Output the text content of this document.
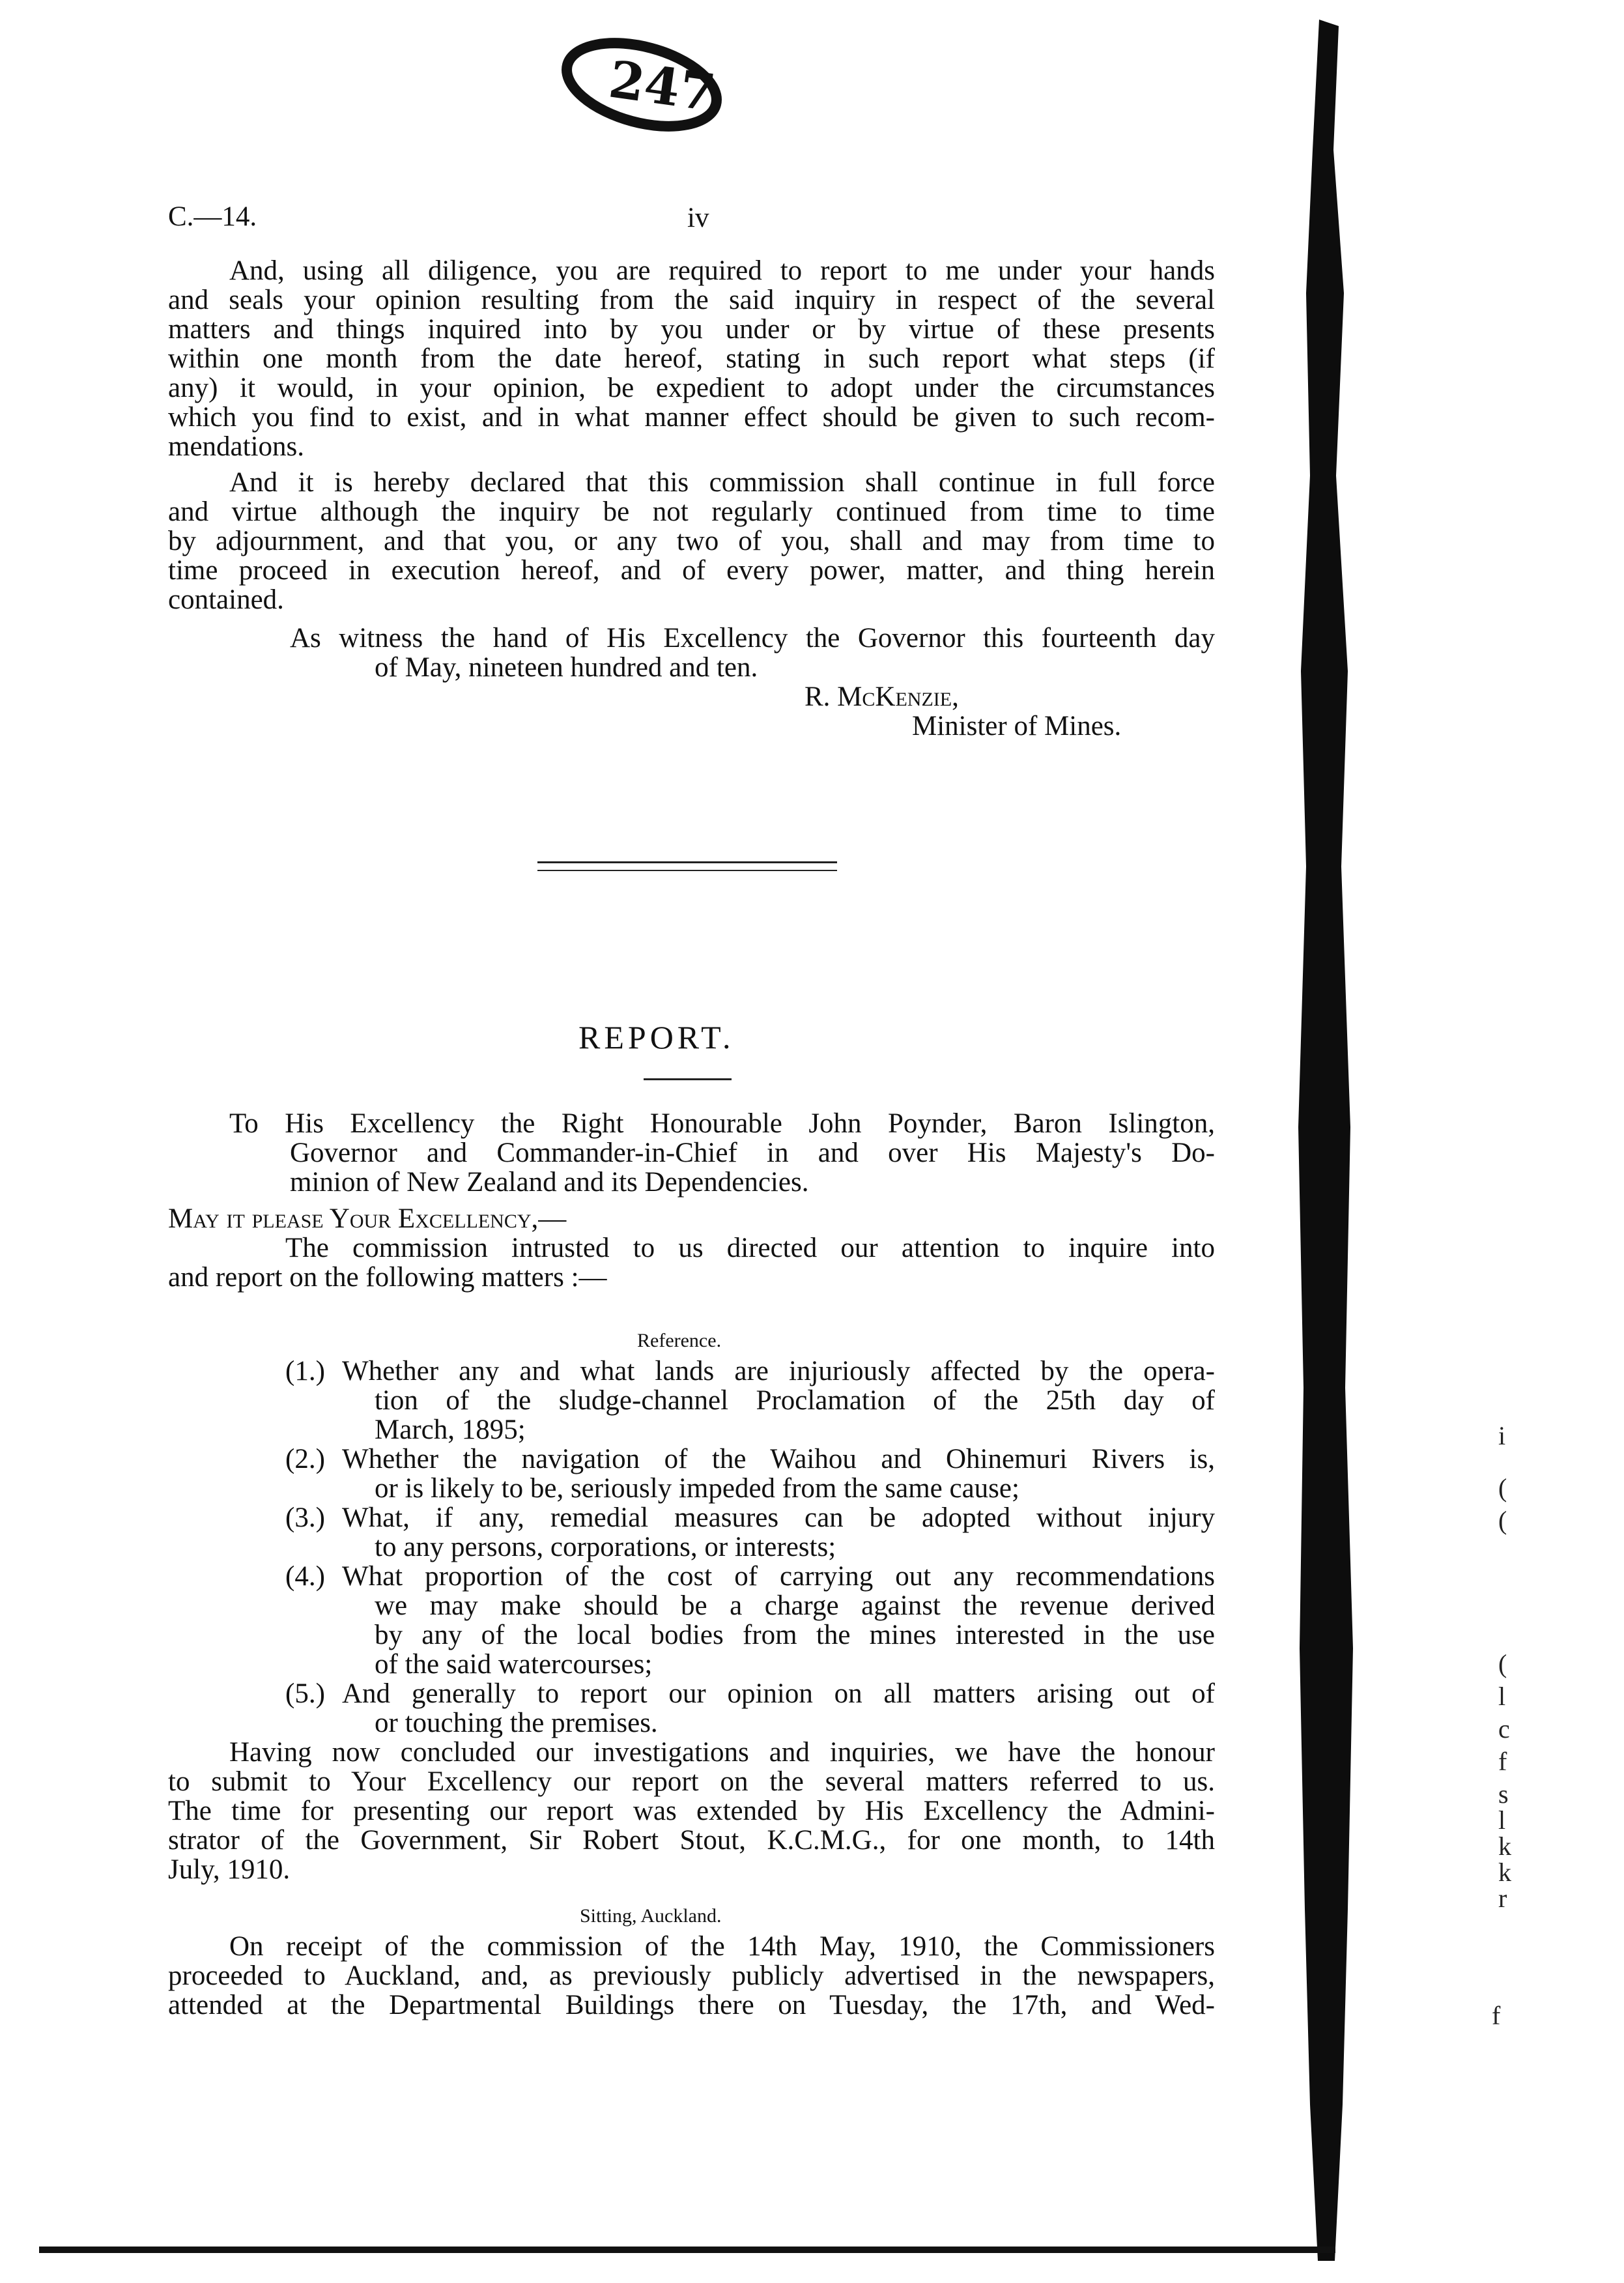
247
C.—14.	iv
And, using all diligence, you are required to report to me under your hands
and seals your opinion resulting from the said inquiry in respect of the several
matters and things inquired into by you under or by virtue of these presents
within one month from the date hereof, stating in such report what steps (if
any) it would, in your opinion, be expedient to adopt under the circumstances
which you find to exist, and in what manner effect should be given to such recom-
mendations.
And it is hereby declared that this commission shall continue in full force
and virtue although the inquiry be not regularly continued from time to time
by adjournment, and that you, or any two of you, shall and may from time to
time proceed in execution hereof, and of every power, matter, and thing herein
contained.
As witness the hand of His Excellency the Governor this fourteenth day
of May, nineteen hundred and ten.
R. McKenzie,
Minister of Mines.
REPORT.
To His Excellency the Right Honourable John Poynder, Baron Islington,
Governor and Commander-in-Chief in and over His Majesty's Do-
minion of New Zealand and its Dependencies.
May it please Your Excellency,—
The commission intrusted to us directed our attention to inquire into
and report on the following matters :—
Reference.
(1.) Whether any and what lands are injuriously affected by the opera-
tion of the sludge-channel Proclamation of the 25th day of
March, 1895;
(2.) Whether the navigation of the Waihou and Ohinemuri Rivers is,
or is likely to be, seriously impeded from the same cause;
(3.) What, if any, remedial measures can be adopted without injury
to any persons, corporations, or interests;
(4.) What proportion of the cost of carrying out any recommendations
we may make should be a charge against the revenue derived
by any of the local bodies from the mines interested in the use
of the said watercourses;
(5.) And generally to report our opinion on all matters arising out of
or touching the premises.
Having now concluded our investigations and inquiries, we have the honour
to submit to Your Excellency our report on the several matters referred to us.
The time for presenting our report was extended by His Excellency the Admini-
strator of the Government, Sir Robert Stout, K.C.M.G., for one month, to 14th
July, 1910.
Sitting, Auckland.
On receipt of the commission of the 14th May, 1910, the Commissioners
proceeded to Auckland, and, as previously publicly advertised in the newspapers,
attended at the Departmental Buildings there on Tuesday, the 17th, and Wed-
i
(
(
(
l
c
f
s
l
k
k
r
f
